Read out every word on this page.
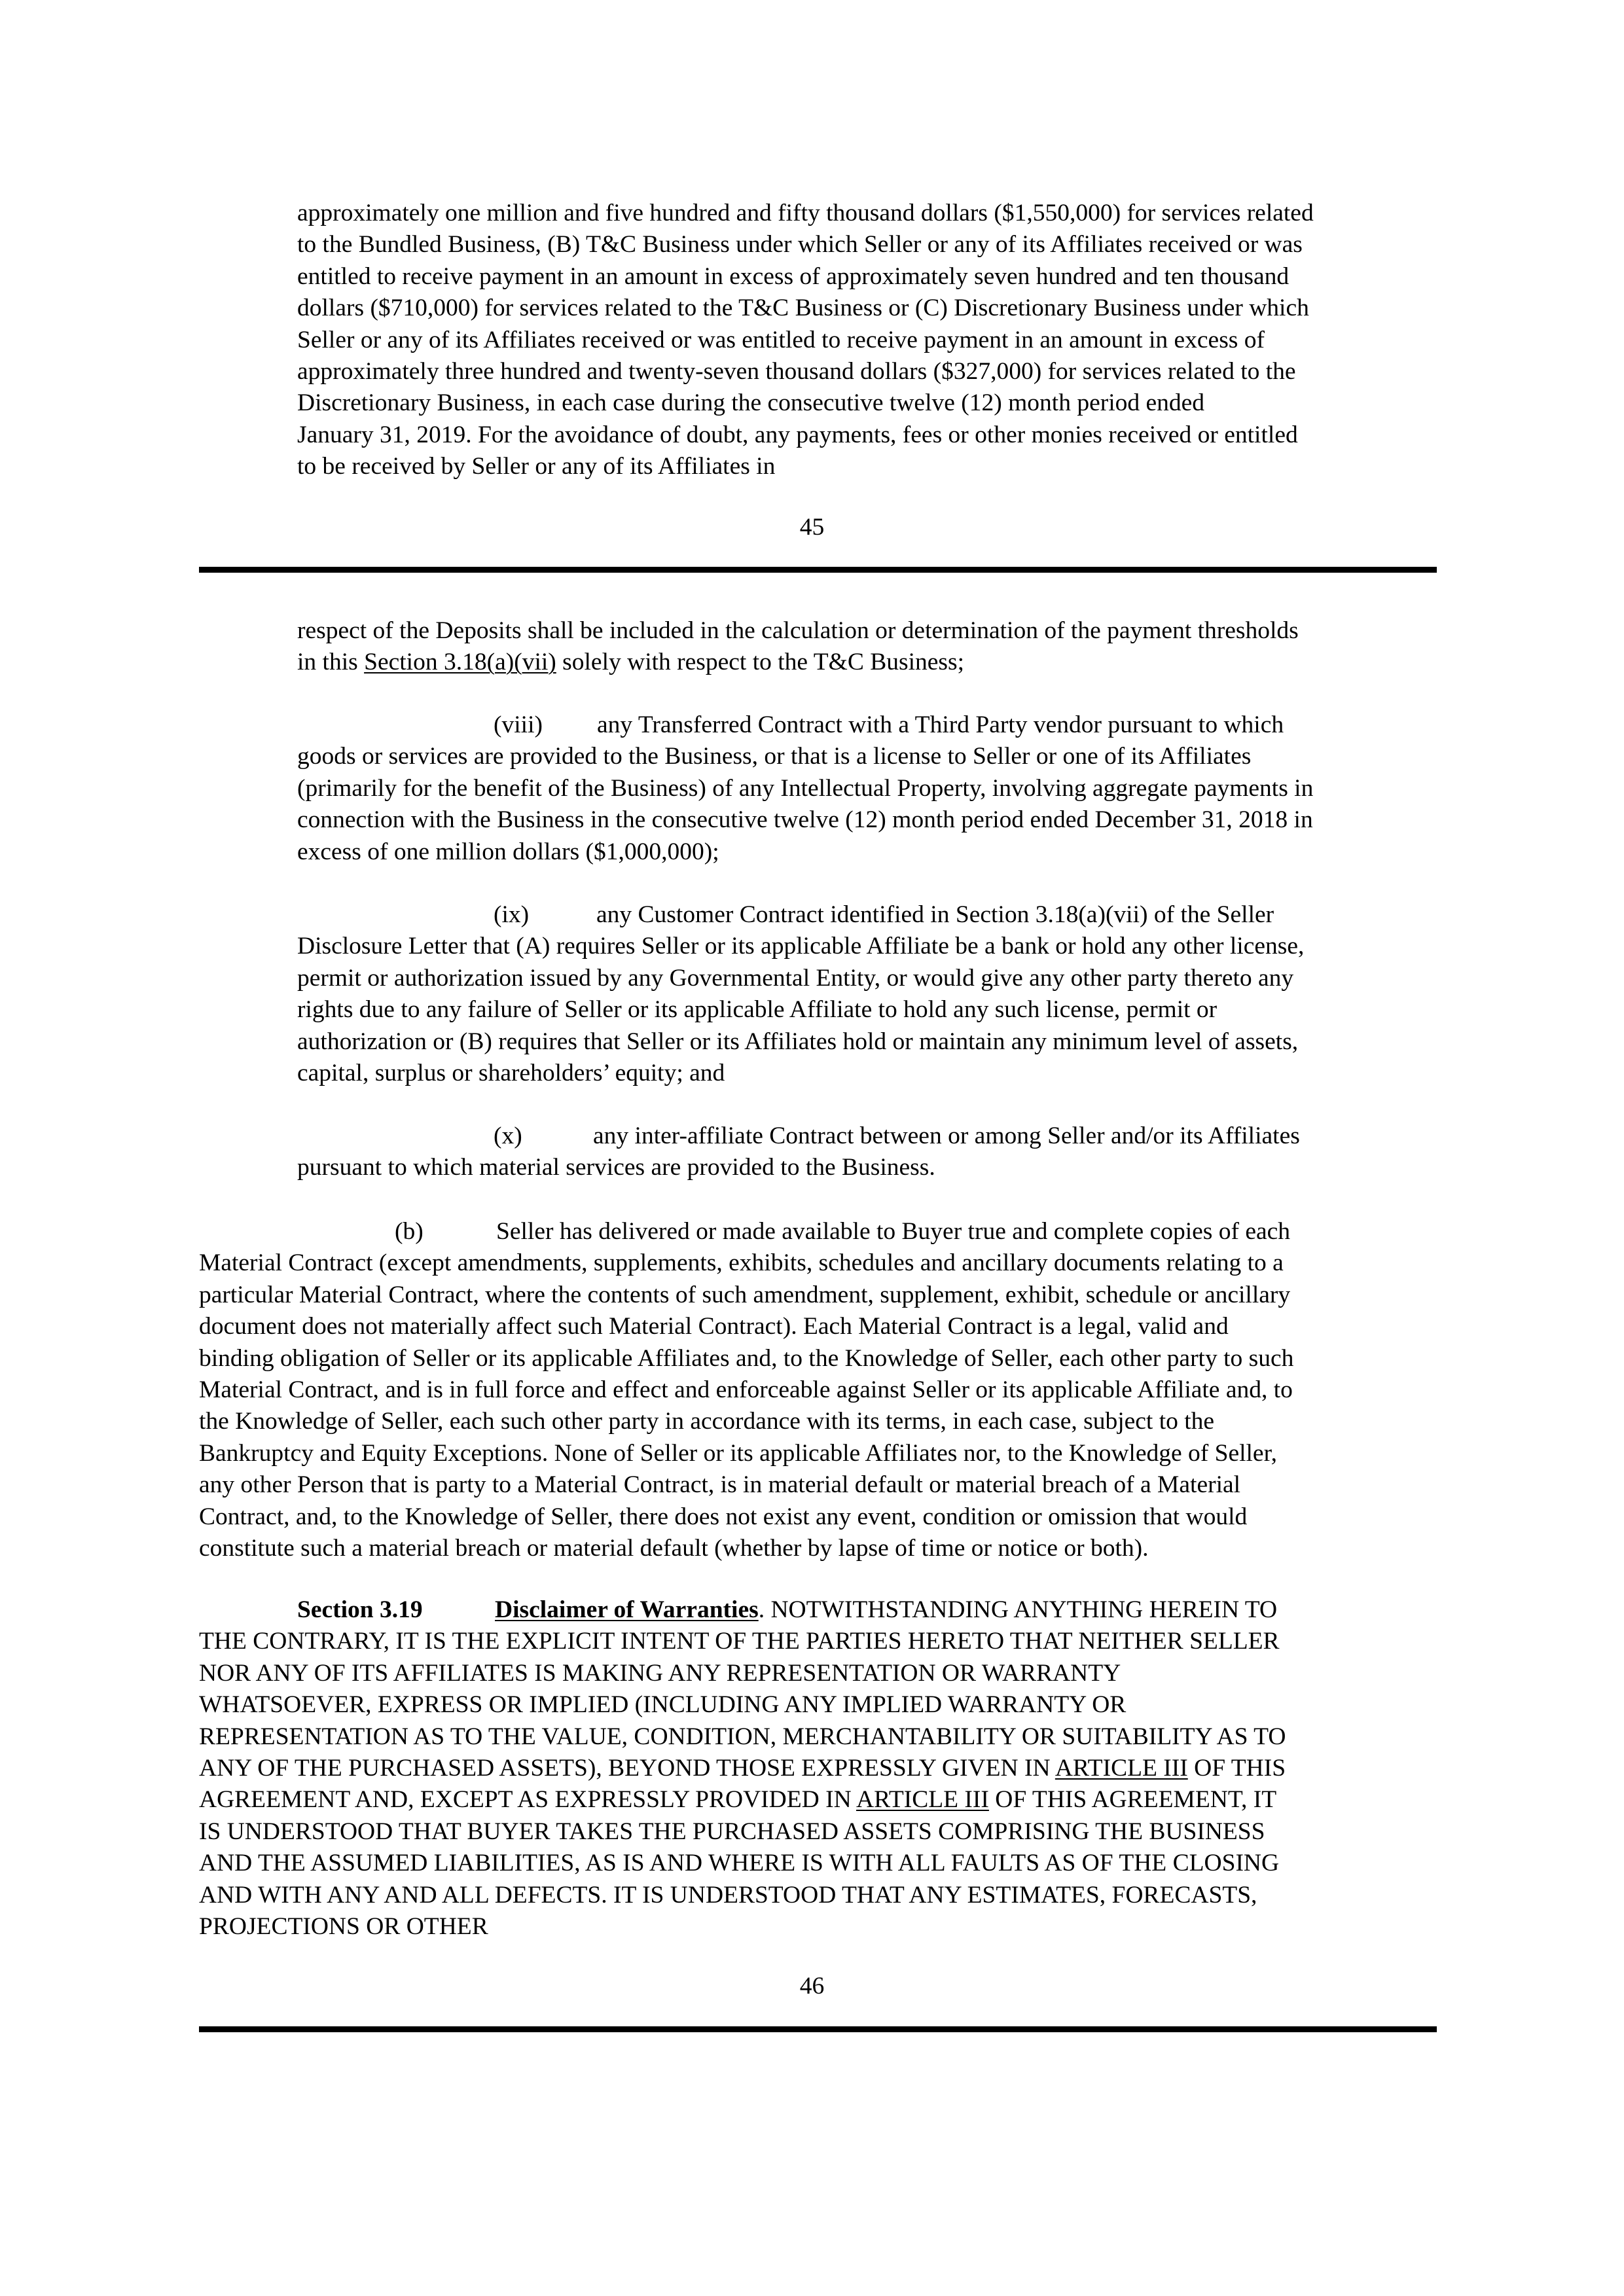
approximately one million and five hundred and fifty thousand dollars ($1,550,000) for services related
to the Bundled Business, (B) T&C Business under which Seller or any of its Affiliates received or was
entitled to receive payment in an amount in excess of approximately seven hundred and ten thousand
dollars ($710,000) for services related to the T&C Business or (C) Discretionary Business under which
Seller or any of its Affiliates received or was entitled to receive payment in an amount in excess of
approximately three hundred and twenty-seven thousand dollars ($327,000) for services related to the
Discretionary Business, in each case during the consecutive twelve (12) month period ended
January 31, 2019. For the avoidance of doubt, any payments, fees or other monies received or entitled
to be received by Seller or any of its Affiliates in
45
respect of the Deposits shall be included in the calculation or determination of the payment thresholds
in this Section 3.18(a)(vii) solely with respect to the T&C Business;
(viii) any Transferred Contract with a Third Party vendor pursuant to which
goods or services are provided to the Business, or that is a license to Seller or one of its Affiliates
(primarily for the benefit of the Business) of any Intellectual Property, involving aggregate payments in
connection with the Business in the consecutive twelve (12) month period ended December 31, 2018 in
excess of one million dollars ($1,000,000);
(ix)	any Customer Contract identified in Section 3.18(a)(vii) of the Seller
Disclosure Letter that (A) requires Seller or its applicable Affiliate be a bank or hold any other license,
permit or authorization issued by any Governmental Entity, or would give any other party thereto any
rights due to any failure of Seller or its applicable Affiliate to hold any such license, permit or
authorization or (B) requires that Seller or its Affiliates hold or maintain any minimum level of assets,
capital, surplus or shareholders’ equity; and
(x)	any inter-affiliate Contract between or among Seller and/or its Affiliates
pursuant to which material services are provided to the Business.
(b)	Seller has delivered or made available to Buyer true and complete copies of each
Material Contract (except amendments, supplements, exhibits, schedules and ancillary documents relating to a
particular Material Contract, where the contents of such amendment, supplement, exhibit, schedule or ancillary
document does not materially affect such Material Contract). Each Material Contract is a legal, valid and
binding obligation of Seller or its applicable Affiliates and, to the Knowledge of Seller, each other party to such
Material Contract, and is in full force and effect and enforceable against Seller or its applicable Affiliate and, to
the Knowledge of Seller, each such other party in accordance with its terms, in each case, subject to the
Bankruptcy and Equity Exceptions. None of Seller or its applicable Affiliates nor, to the Knowledge of Seller,
any other Person that is party to a Material Contract, is in material default or material breach of a Material
Contract, and, to the Knowledge of Seller, there does not exist any event, condition or omission that would
constitute such a material breach or material default (whether by lapse of time or notice or both).
Section 3.19	Disclaimer of Warranties. NOTWITHSTANDING ANYTHING HEREIN TO
THE CONTRARY, IT IS THE EXPLICIT INTENT OF THE PARTIES HERETO THAT NEITHER SELLER
NOR ANY OF ITS AFFILIATES IS MAKING ANY REPRESENTATION OR WARRANTY
WHATSOEVER, EXPRESS OR IMPLIED (INCLUDING ANY IMPLIED WARRANTY OR
REPRESENTATION AS TO THE VALUE, CONDITION, MERCHANTABILITY OR SUITABILITY AS TO
ANY OF THE PURCHASED ASSETS), BEYOND THOSE EXPRESSLY GIVEN IN ARTICLE III OF THIS
AGREEMENT AND, EXCEPT AS EXPRESSLY PROVIDED IN ARTICLE III OF THIS AGREEMENT, IT
IS UNDERSTOOD THAT BUYER TAKES THE PURCHASED ASSETS COMPRISING THE BUSINESS
AND THE ASSUMED LIABILITIES, AS IS AND WHERE IS WITH ALL FAULTS AS OF THE CLOSING
AND WITH ANY AND ALL DEFECTS. IT IS UNDERSTOOD THAT ANY ESTIMATES, FORECASTS,
PROJECTIONS OR OTHER
46
